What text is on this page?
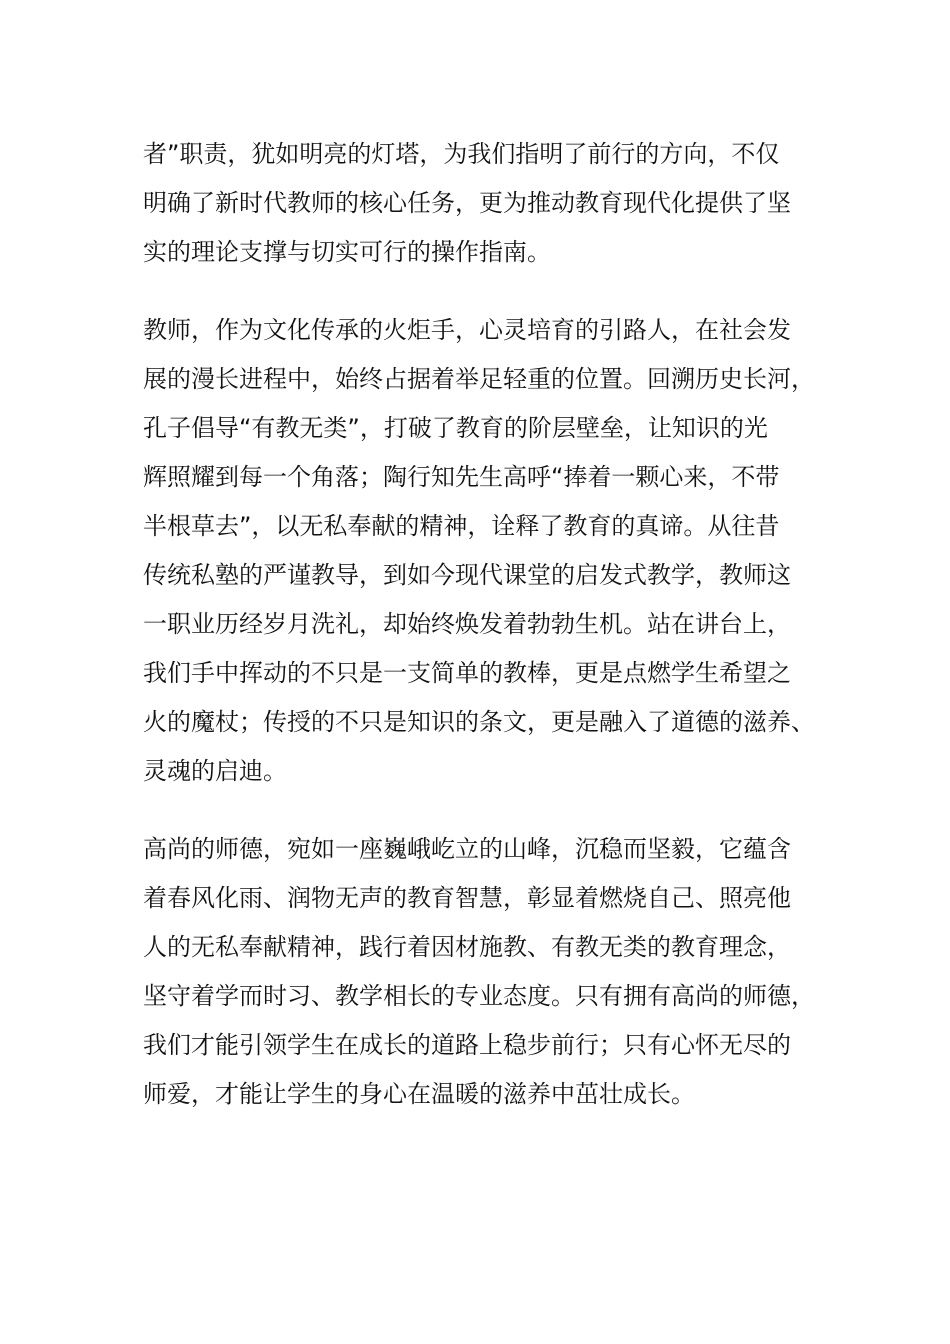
者”职责，犹如明亮的灯塔，为我们指明了前行的方向，不仅
明确了新时代教师的核心任务，更为推动教育现代化提供了坚
实的理论支撑与切实可行的操作指南。
教师，作为文化传承的火炬手，心灵培育的引路人，在社会发
展的漫长进程中，始终占据着举足轻重的位置。回溯历史长河，
孔子倡导“有教无类”，打破了教育的阶层壁垒，让知识的光
辉照耀到每一个角落；陶行知先生高呼“捧着一颗心来，不带
半根草去”，以无私奉献的精神，诠释了教育的真谛。从往昔
传统私塾的严谨教导，到如今现代课堂的启发式教学，教师这
一职业历经岁月洗礼，却始终焕发着勃勃生机。站在讲台上，
我们手中挥动的不只是一支简单的教棒，更是点燃学生希望之
火的魔杖；传授的不只是知识的条文，更是融入了道德的滋养、
灵魂的启迪。
高尚的师德，宛如一座巍峨屹立的山峰，沉稳而坚毅，它蕴含
着春风化雨、润物无声的教育智慧，彰显着燃烧自己、照亮他
人的无私奉献精神，践行着因材施教、有教无类的教育理念，
坚守着学而时习、教学相长的专业态度。只有拥有高尚的师德，
我们才能引领学生在成长的道路上稳步前行；只有心怀无尽的
师爱，才能让学生的身心在温暖的滋养中茁壮成长。
